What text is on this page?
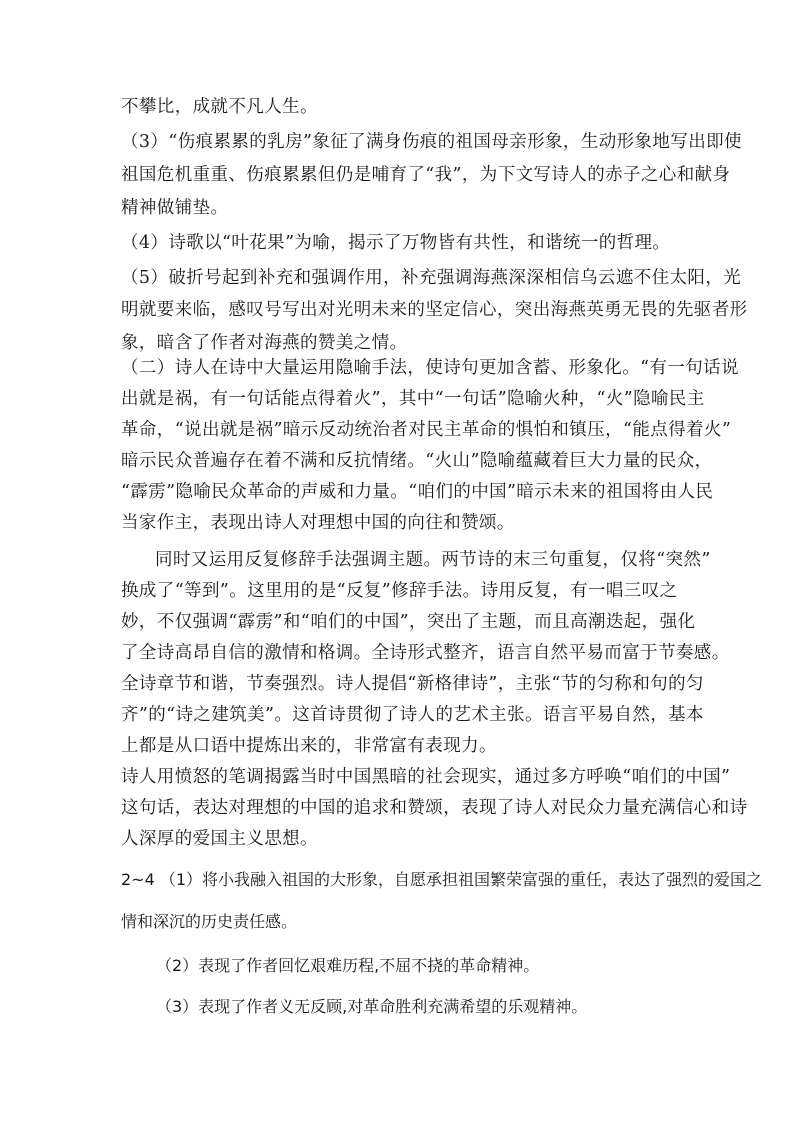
不攀比，成就不凡人生。
（3）“伤痕累累的乳房”象征了满身伤痕的祖国母亲形象，生动形象地写出即使
祖国危机重重、伤痕累累但仍是哺育了“我”，为下文写诗人的赤子之心和献身
精神做铺垫。
（4）诗歌以“叶花果”为喻，揭示了万物皆有共性，和谐统一的哲理。
（5）破折号起到补充和强调作用，补充强调海燕深深相信乌云遮不住太阳，光
明就要来临，感叹号写出对光明未来的坚定信心，突出海燕英勇无畏的先驱者形
象，暗含了作者对海燕的赞美之情。
（二）诗人在诗中大量运用隐喻手法，使诗句更加含蓄、形象化。“有一句话说
出就是祸，有一句话能点得着火”，其中“一句话”隐喻火种，“火”隐喻民主
革命，“说出就是祸”暗示反动统治者对民主革命的惧怕和镇压，“能点得着火”
暗示民众普遍存在着不满和反抗情绪。“火山”隐喻蕴藏着巨大力量的民众，
“霹雳”隐喻民众革命的声威和力量。“咱们的中国”暗示未来的祖国将由人民
当家作主，表现出诗人对理想中国的向往和赞颂。
同时又运用反复修辞手法强调主题。两节诗的末三句重复，仅将“突然”
换成了“等到”。这里用的是“反复”修辞手法。诗用反复，有一唱三叹之
妙，不仅强调“霹雳”和“咱们的中国”，突出了主题，而且高潮迭起，强化
了全诗高昂自信的激情和格调。全诗形式整齐，语言自然平易而富于节奏感。
全诗章节和谐，节奏强烈。诗人提倡“新格律诗”，主张“节的匀称和句的匀
齐”的“诗之建筑美”。这首诗贯彻了诗人的艺术主张。语言平易自然，基本
上都是从口语中提炼出来的，非常富有表现力。
诗人用愤怒的笔调揭露当时中国黑暗的社会现实，通过多方呼唤“咱们的中国”
这句话，表达对理想的中国的追求和赞颂，表现了诗人对民众力量充满信心和诗
人深厚的爱国主义思想。
2~4 （1）将小我融入祖国的大形象，自愿承担祖国繁荣富强的重任，表达了强烈的爱国之
情和深沉的历史责任感。
（2）表现了作者回忆艰难历程,不屈不挠的革命精神。
（3）表现了作者义无反顾,对革命胜利充满希望的乐观精神。
